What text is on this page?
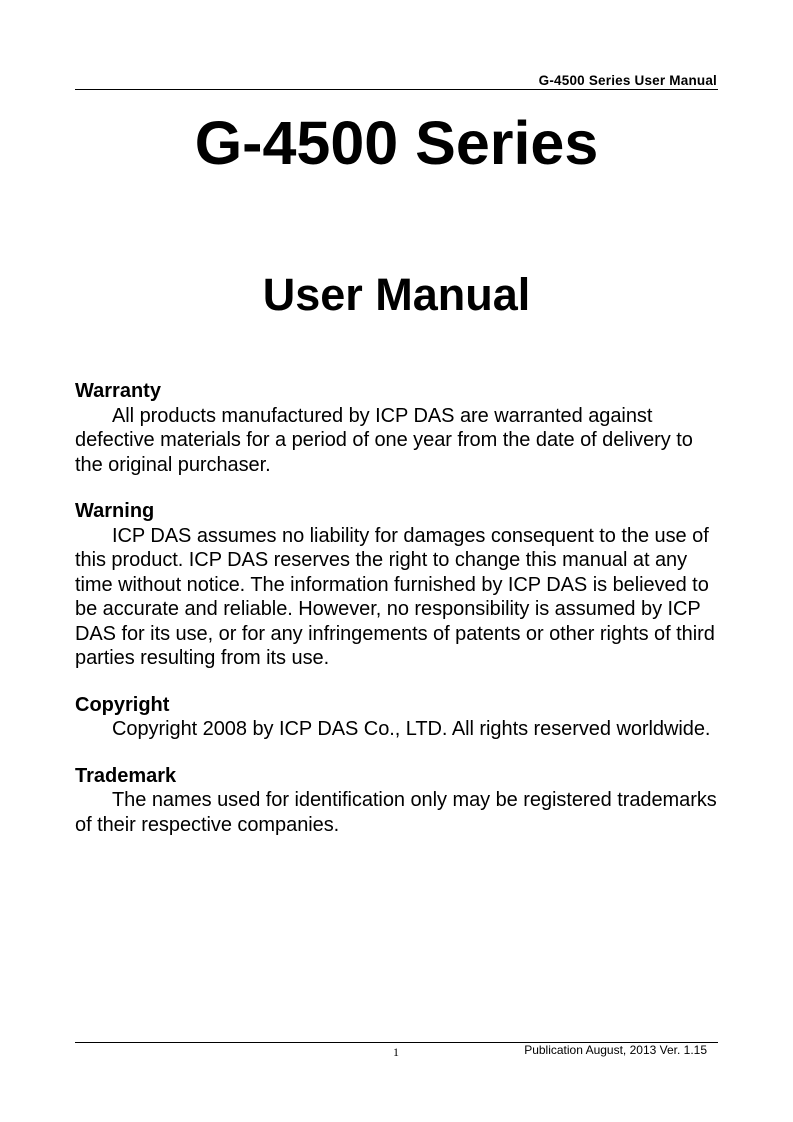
G-4500 Series User Manual
G-4500 Series
User Manual

Warranty

All products manufactured by ICP DAS are warranted against defective materials for a period of one year from the date of delivery to the original purchaser.

Warning

ICP DAS assumes no liability for damages consequent to the use of this product. ICP DAS reserves the right to change this manual at any time without notice. The information furnished by ICP DAS is believed to be accurate and reliable. However, no responsibility is assumed by ICP DAS for its use, or for any infringements of patents or other rights of third parties resulting from its use.

Copyright

Copyright 2008 by ICP DAS Co., LTD. All rights reserved worldwide.

Trademark

The names used for identification only may be registered trademarks of their respective companies.

1	Publication August, 2013 Ver. 1.15
